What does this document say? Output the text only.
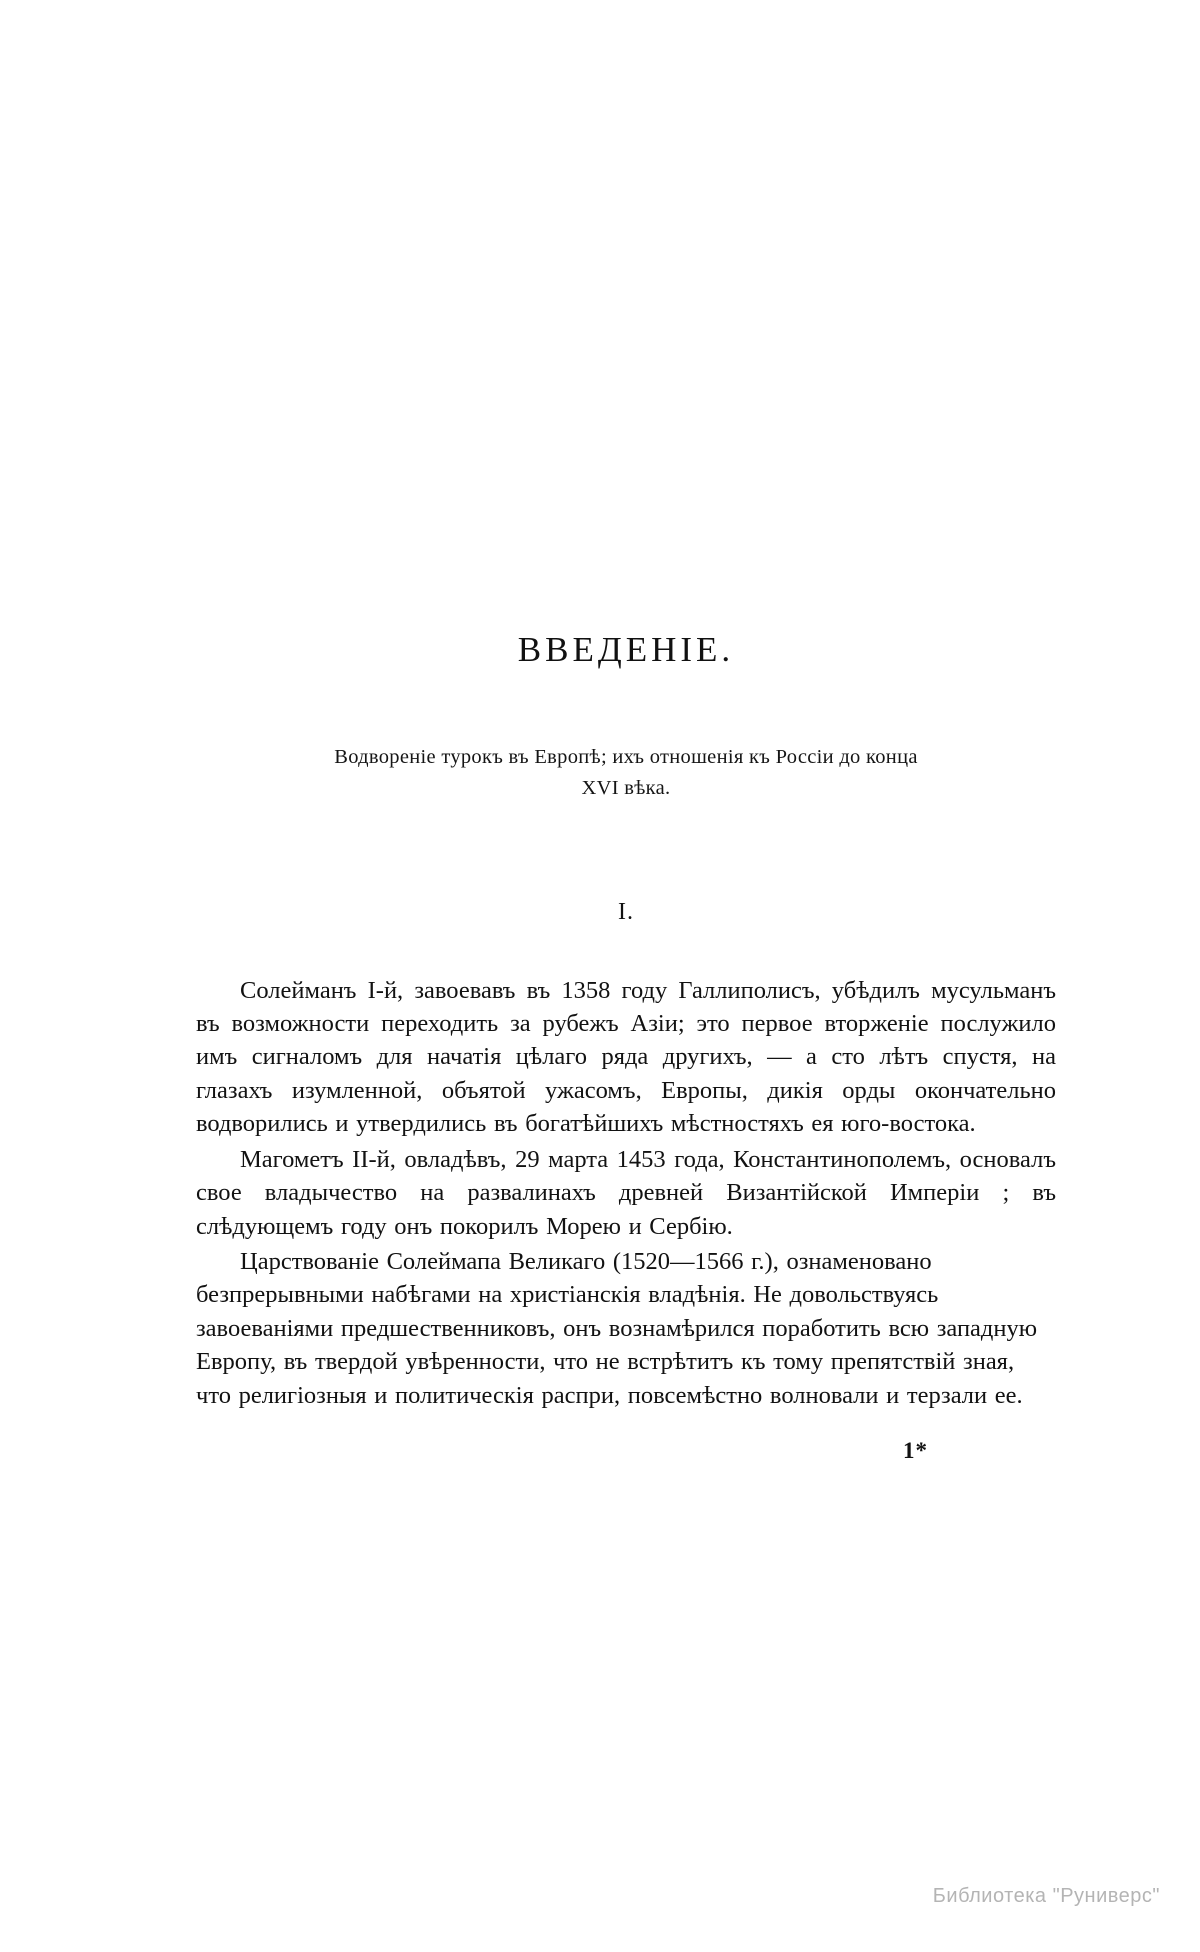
ВВЕДЕНІЕ.
Водвореніе турокъ въ Европѣ; ихъ отношенія къ Россіи до конца
XVI вѣка.
I.

Солейманъ I-й, завоевавъ въ 1358 году Галлиполисъ, убѣдилъ мусульманъ въ возможности переходить за рубежъ Азіи; это первое вторженіе послужило имъ сигналомъ для начатія цѣлаго ряда другихъ, — а сто лѣтъ спустя, на глазахъ изумленной, объятой ужасомъ, Европы, дикія орды окончательно водворились и утвердились въ богатѣйшихъ мѣстностяхъ ея юго-востока.

Магометъ II-й, овладѣвъ, 29 марта 1453 года, Константинополемъ, основалъ свое владычество на развалинахъ древней Византійской Имперіи ; въ слѣдующемъ году онъ покорилъ Морею и Сербію.

Царствованіе Солеймапа Великаго (1520—1566 г.), ознаменовано безпрерывными набѣгами на христіанскія владѣнія. Не довольствуясь завоеваніями предшественниковъ, онъ вознамѣрился поработить всю западную Европу, въ твердой увѣренности, что не встрѣтитъ къ тому препятствій зная, что религіозныя и политическія распри, повсемѣстно волновали и терзали ее.

1*
Библиотека "Руниверс"
